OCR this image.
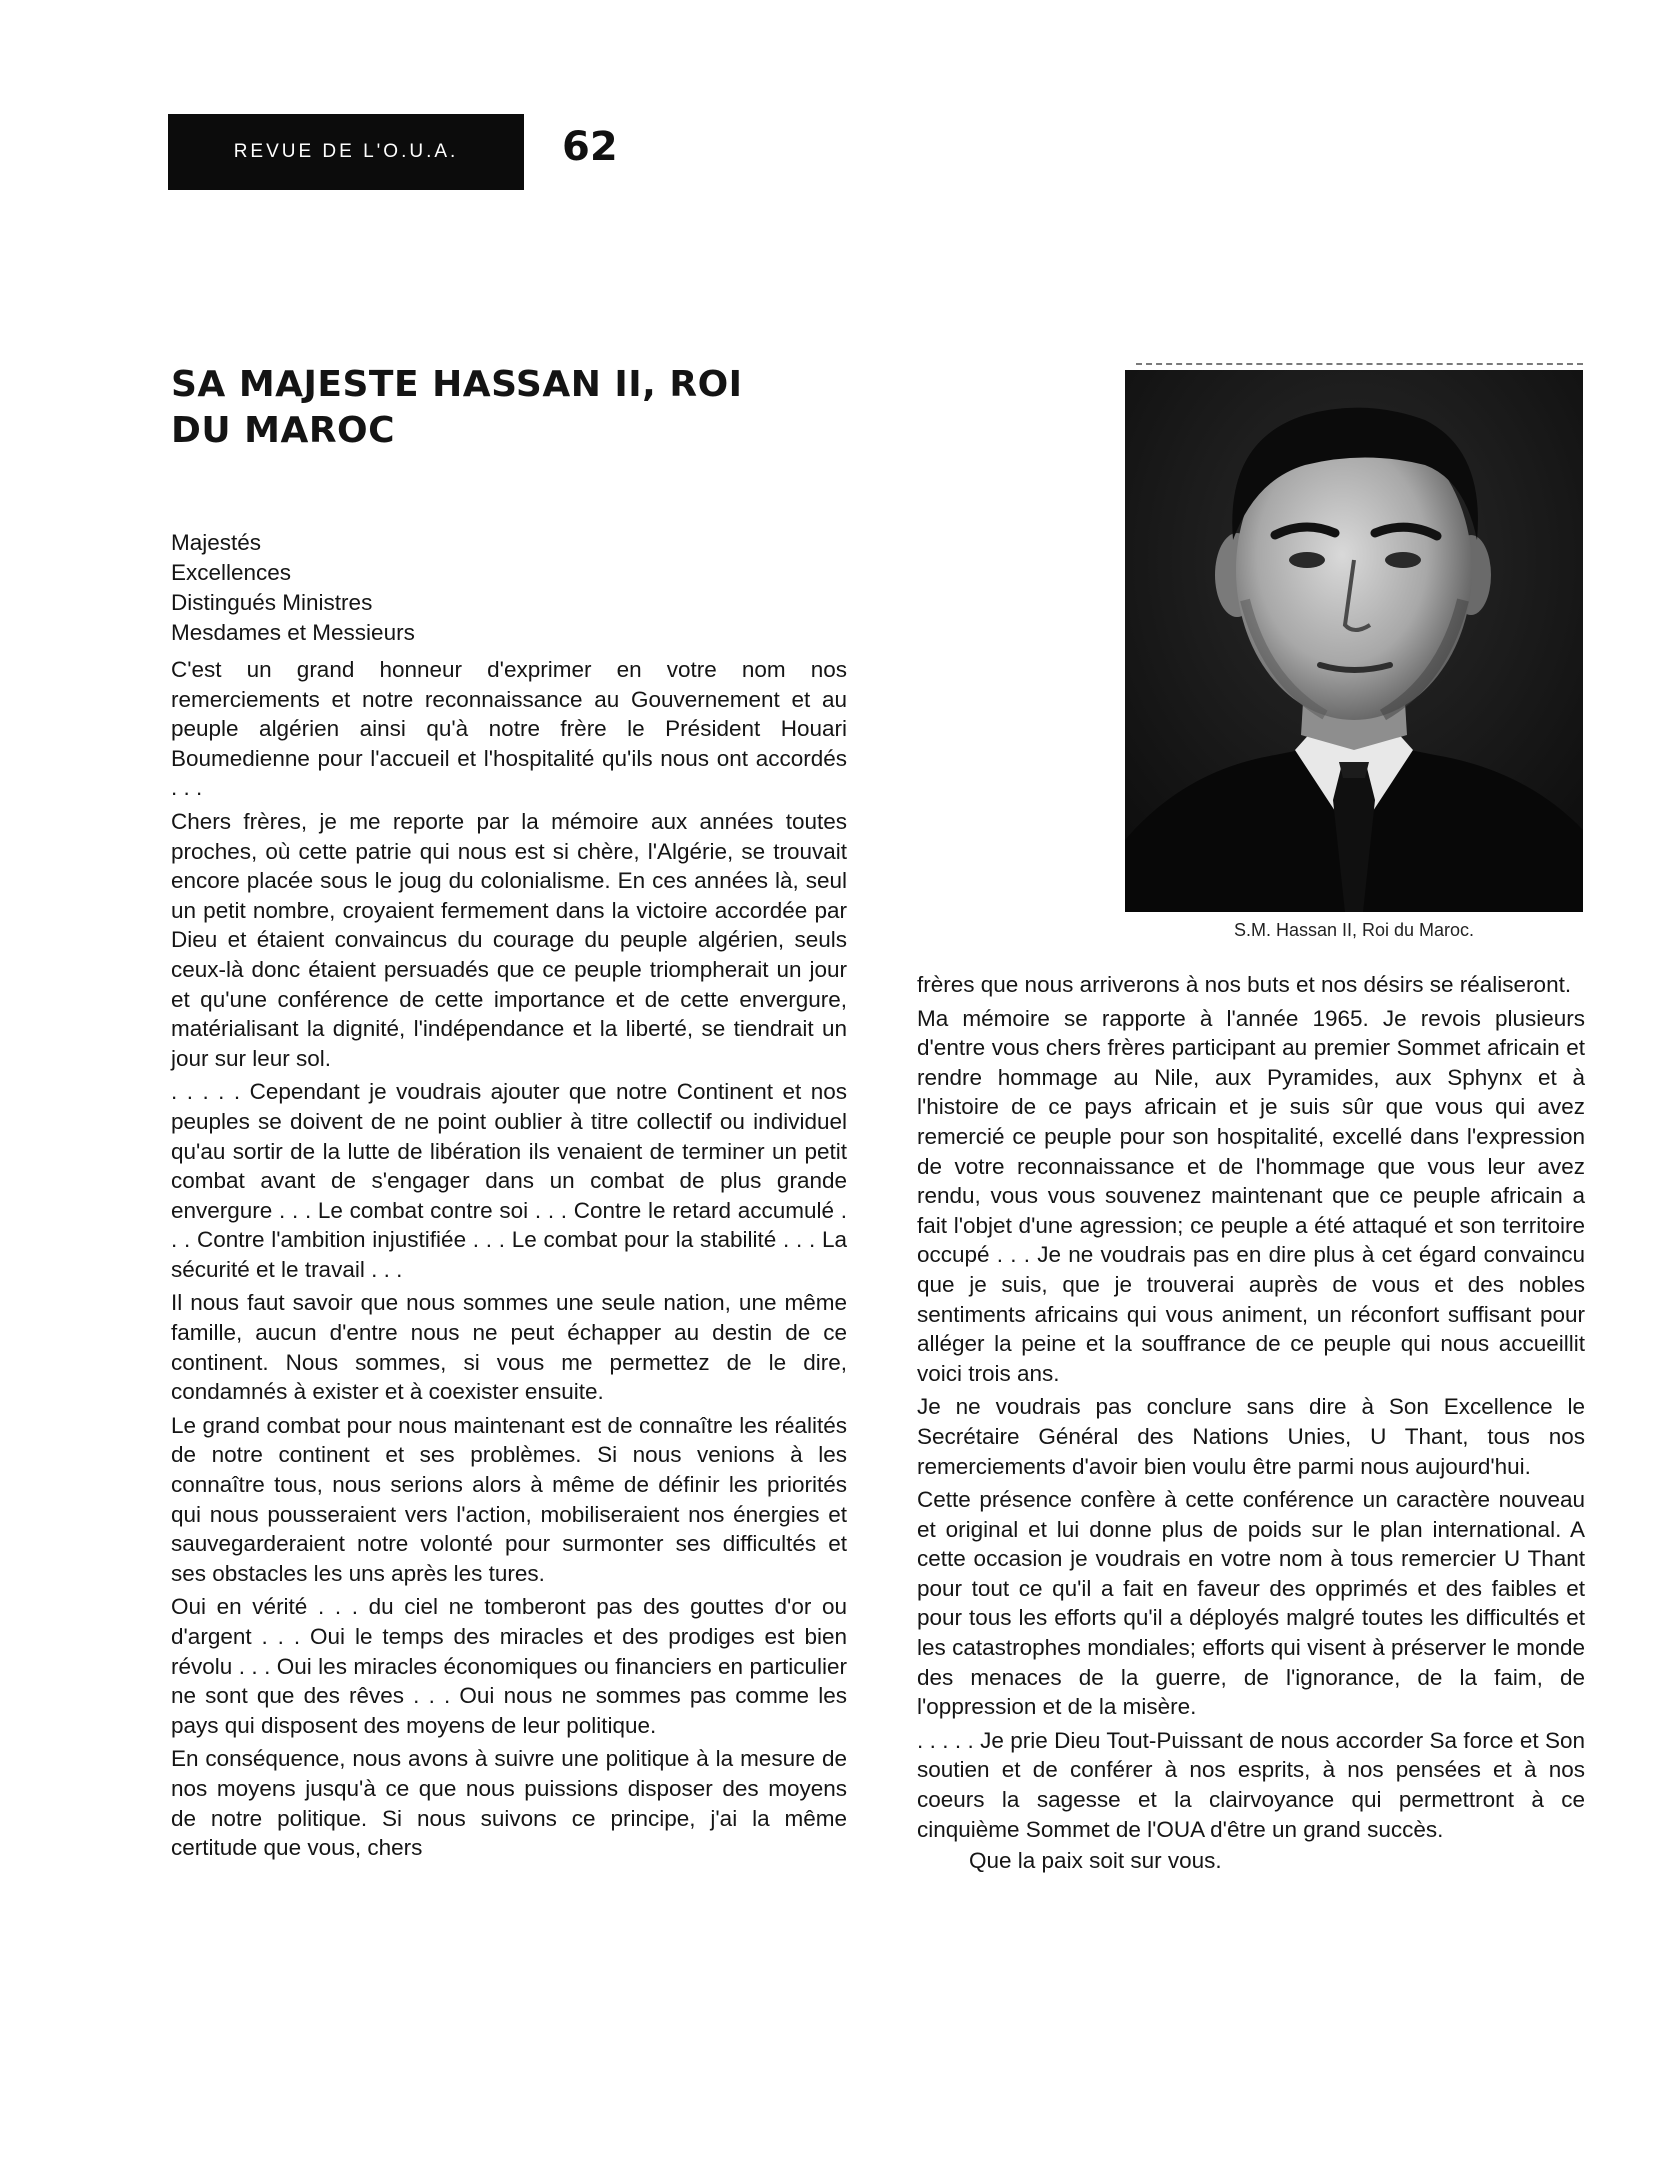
REVUE DE L'O.U.A.	62
SA MAJESTE HASSAN II, ROI DU MAROC
Majestés
Excellences
Distingués Ministres
Mesdames et Messieurs

C'est un grand honneur d'exprimer en votre nom nos remerciements et notre reconnaissance au Gouvernement et au peuple algérien ainsi qu'à notre frère le Président Houari Boumedienne pour l'accueil et l'hospitalité qu'ils nous ont accordés . . .

Chers frères, je me reporte par la mémoire aux années toutes proches, où cette patrie qui nous est si chère, l'Algérie, se trouvait encore placée sous le joug du colonialisme. En ces années là, seul un petit nombre, croyaient fermement dans la victoire accordée par Dieu et étaient convaincus du courage du peuple algérien, seuls ceux-là donc étaient persuadés que ce peuple triompherait un jour et qu'une conférence de cette importance et de cette envergure, matérialisant la dignité, l'indépendance et la liberté, se tiendrait un jour sur leur sol.

. . . . . Cependant je voudrais ajouter que notre Continent et nos peuples se doivent de ne point oublier à titre collectif ou individuel qu'au sortir de la lutte de libération ils venaient de terminer un petit combat avant de s'engager dans un combat de plus grande envergure . . . Le combat contre soi . . . Contre le retard accumulé . . . Contre l'ambition injustifiée . . . Le combat pour la stabilité . . . La sécurité et le travail . . .

Il nous faut savoir que nous sommes une seule nation, une même famille, aucun d'entre nous ne peut échapper au destin de ce continent. Nous sommes, si vous me permettez de le dire, condamnés à exister et à coexister ensuite.

Le grand combat pour nous maintenant est de connaître les réalités de notre continent et ses problèmes. Si nous venions à les connaître tous, nous serions alors à même de définir les priorités qui nous pousseraient vers l'action, mobiliseraient nos énergies et sauvegarderaient notre volonté pour surmonter ses difficultés et ses obstacles les uns après les tures.

Oui en vérité . . . du ciel ne tomberont pas des gouttes d'or ou d'argent . . . Oui le temps des miracles et des prodiges est bien révolu . . . Oui les miracles économiques ou financiers en particulier ne sont que des rêves . . . Oui nous ne sommes pas comme les pays qui disposent des moyens de leur politique.

En conséquence, nous avons à suivre une politique à la mesure de nos moyens jusqu'à ce que nous puissions disposer des moyens de notre politique. Si nous suivons ce principe, j'ai la même certitude que vous, chers

S.M. Hassan II, Roi du Maroc.

frères que nous arriverons à nos buts et nos désirs se réaliseront.

Ma mémoire se rapporte à l'année 1965. Je revois plusieurs d'entre vous chers frères participant au premier Sommet africain et rendre hommage au Nile, aux Pyramides, aux Sphynx et à l'histoire de ce pays africain et je suis sûr que vous qui avez remercié ce peuple pour son hospitalité, excellé dans l'expression de votre reconnaissance et de l'hommage que vous leur avez rendu, vous vous souvenez maintenant que ce peuple africain a fait l'objet d'une agression; ce peuple a été attaqué et son territoire occupé . . . Je ne voudrais pas en dire plus à cet égard convaincu que je suis, que je trouverai auprès de vous et des nobles sentiments africains qui vous animent, un réconfort suffisant pour alléger la peine et la souffrance de ce peuple qui nous accueillit voici trois ans.

Je ne voudrais pas conclure sans dire à Son Excellence le Secrétaire Général des Nations Unies, U Thant, tous nos remerciements d'avoir bien voulu être parmi nous aujourd'hui.

Cette présence confère à cette conférence un caractère nouveau et original et lui donne plus de poids sur le plan international. A cette occasion je voudrais en votre nom à tous remercier U Thant pour tout ce qu'il a fait en faveur des opprimés et des faibles et pour tous les efforts qu'il a déployés malgré toutes les difficultés et les catastrophes mondiales; efforts qui visent à préserver le monde des menaces de la guerre, de l'ignorance, de la faim, de l'oppression et de la misère.

. . . . . Je prie Dieu Tout-Puissant de nous accorder Sa force et Son soutien et de conférer à nos esprits, à nos pensées et à nos coeurs la sagesse et la clairvoyance qui permettront à ce cinquième Sommet de l'OUA d'être un grand succès.

Que la paix soit sur vous.
